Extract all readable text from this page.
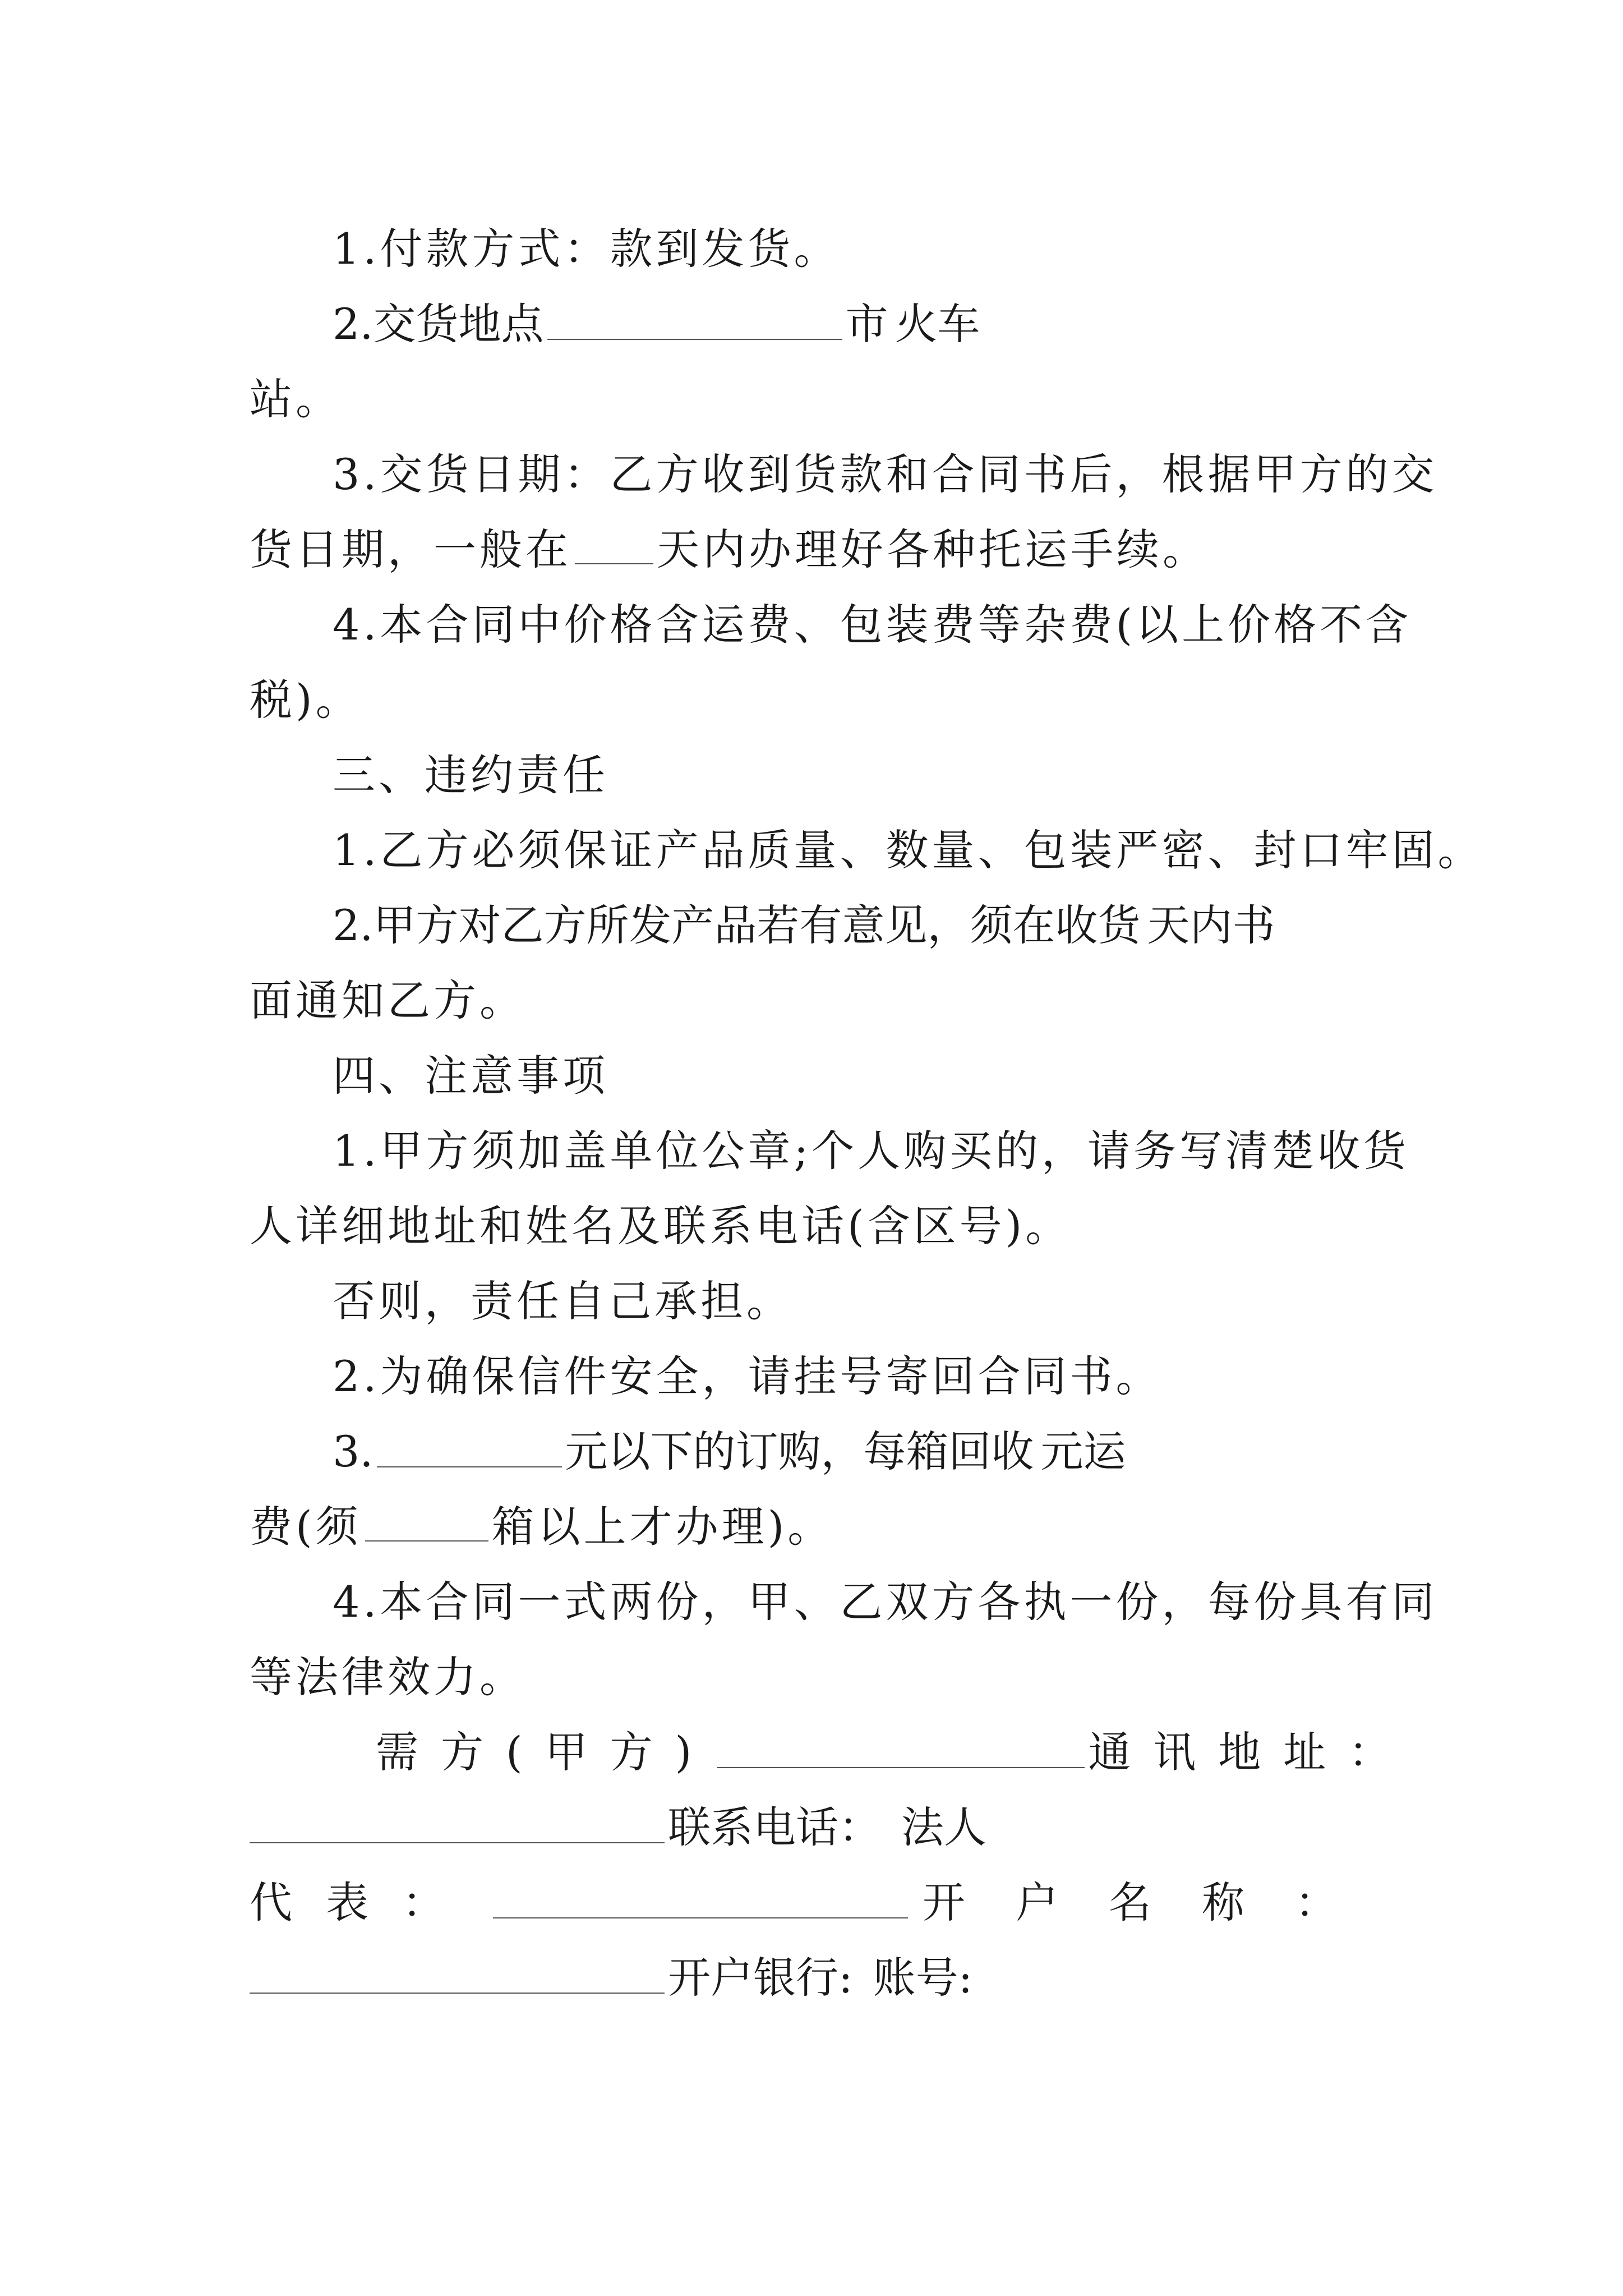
1.付款方式：款到发货。
2.交货地点	市 火车
站。
3.交货日期：乙方收到货款和合同书后，根据甲方的交
货日期，一般在 天内办理好各种托运手续。
4.本合同中价格含运费、包装费等杂费(以上价格不含
税)。
三、违约责任
1.乙方必须保证产品质量、数量、包装严密、封口牢固。
2.甲方对乙方所发产品若有意见，须在收货 天内书
面通知乙方。
四、注意事项
1.甲方须加盖单位公章;个人购买的，请务写清楚收货
人详细地址和姓名及联系电话(含区号)。
否则，责任自己承担。
2.为确保信件安全，请挂号寄回合同书。
3.	元以下的订购，每箱回收 元运
费(须	箱以上才办理)。
4.本合同一式两份，甲、乙双方各执一份，每份具有同
等法律效力。
需方(甲方)	通讯地址：
联系电话： 法人
代表：	开户名称：
开户银行: 账号:
